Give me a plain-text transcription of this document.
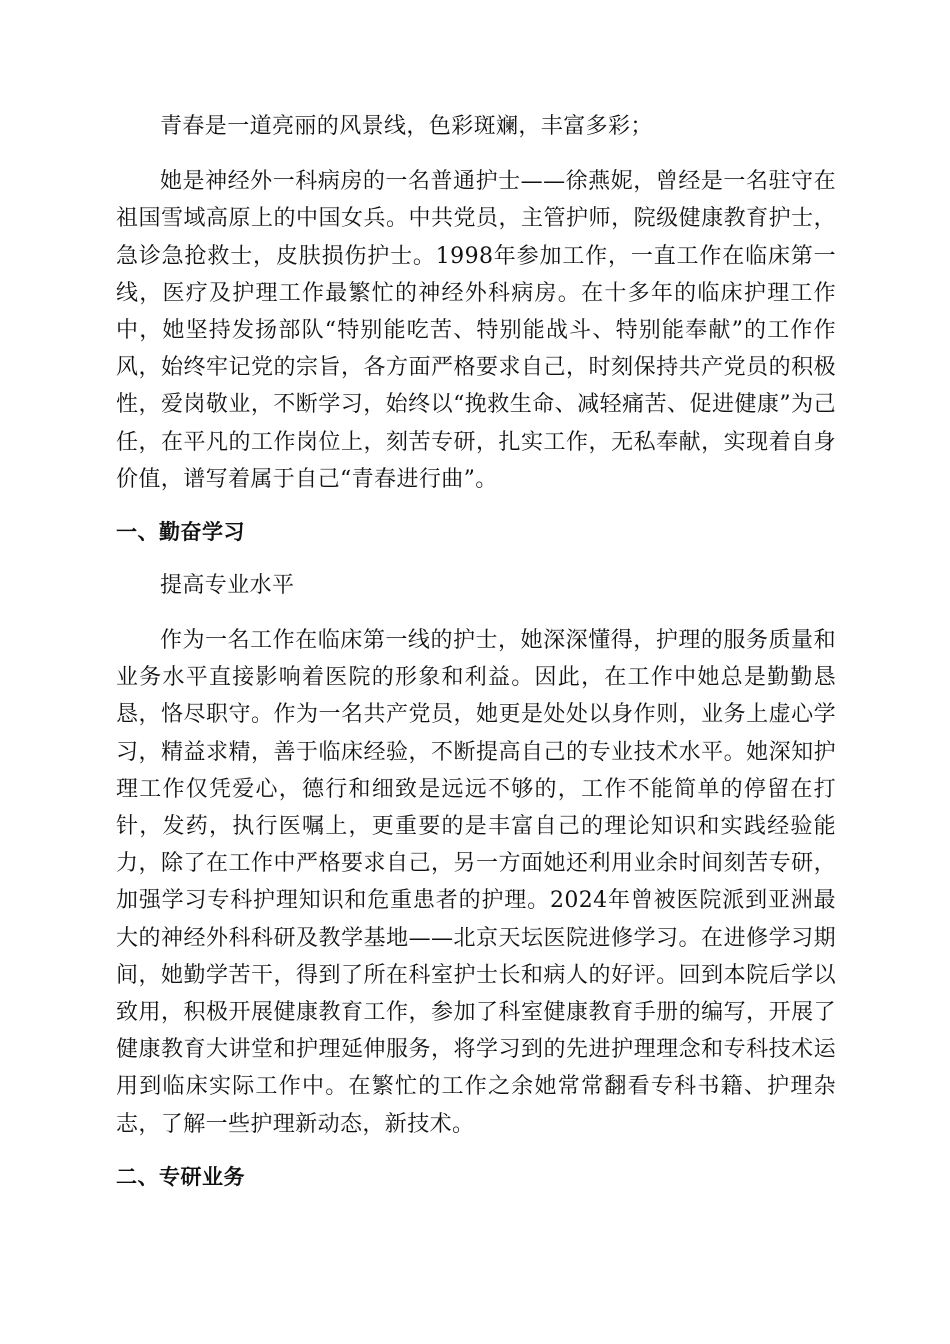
青春是一道亮丽的风景线，色彩斑斓，丰富多彩；

她是神经外一科病房的一名普通护士——徐燕妮，曾经是一名驻守在祖国雪域高原上的中国女兵。中共党员，主管护师，院级健康教育护士，急诊急抢救士，皮肤损伤护士。1998年参加工作，一直工作在临床第一线，医疗及护理工作最繁忙的神经外科病房。在十多年的临床护理工作中，她坚持发扬部队“特别能吃苦、特别能战斗、特别能奉献”的工作作风，始终牢记党的宗旨，各方面严格要求自己，时刻保持共产党员的积极性，爱岗敬业，不断学习，始终以“挽救生命、减轻痛苦、促进健康”为己任，在平凡的工作岗位上，刻苦专研，扎实工作，无私奉献，实现着自身价值，谱写着属于自己“青春进行曲”。

一、勤奋学习
提高专业水平

作为一名工作在临床第一线的护士，她深深懂得，护理的服务质量和业务水平直接影响着医院的形象和利益。因此，在工作中她总是勤勤恳恳，恪尽职守。作为一名共产党员，她更是处处以身作则，业务上虚心学习，精益求精，善于临床经验，不断提高自己的专业技术水平。她深知护理工作仅凭爱心，德行和细致是远远不够的，工作不能简单的停留在打针，发药，执行医嘱上，更重要的是丰富自己的理论知识和实践经验能力，除了在工作中严格要求自己，另一方面她还利用业余时间刻苦专研，加强学习专科护理知识和危重患者的护理。2024年曾被医院派到亚洲最大的神经外科科研及教学基地——北京天坛医院进修学习。在进修学习期间，她勤学苦干，得到了所在科室护士长和病人的好评。回到本院后学以致用，积极开展健康教育工作，参加了科室健康教育手册的编写，开展了健康教育大讲堂和护理延伸服务，将学习到的先进护理理念和专科技术运用到临床实际工作中。在繁忙的工作之余她常常翻看专科书籍、护理杂志，了解一些护理新动态，新技术。

二、专研业务
